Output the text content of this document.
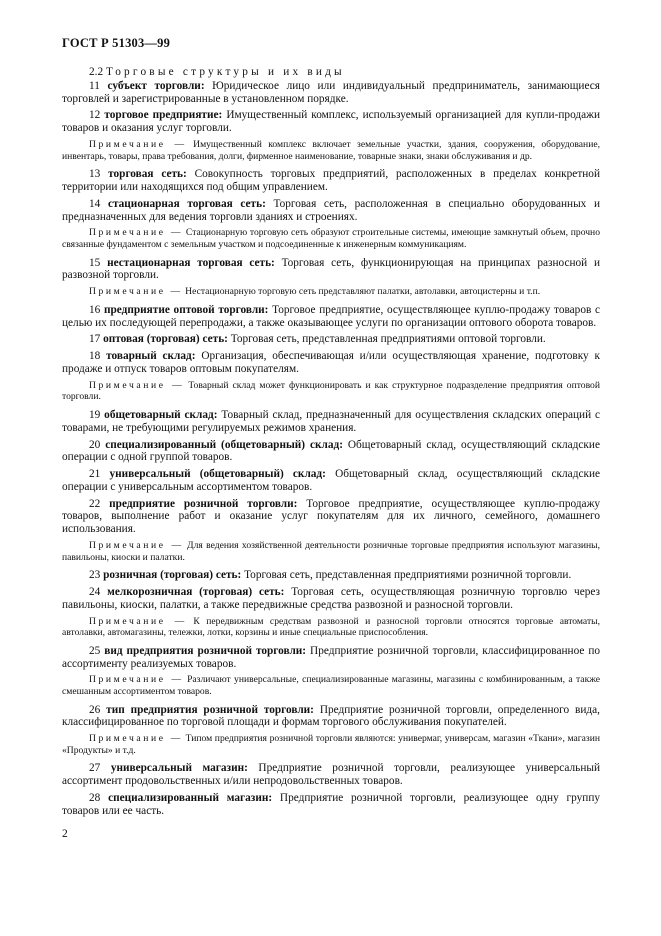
ГОСТ Р 51303—99

2.2 Торговые структуры и их виды

11 субъект торговли: Юридическое лицо или индивидуальный предприниматель, занимающиеся торговлей и зарегистрированные в установленном порядке.

12 торговое предприятие: Имущественный комплекс, используемый организацией для купли-продажи товаров и оказания услуг торговли.

Примечание — Имущественный комплекс включает земельные участки, здания, сооружения, оборудование, инвентарь, товары, права требования, долги, фирменное наименование, товарные знаки, знаки обслуживания и др.

13 торговая сеть: Совокупность торговых предприятий, расположенных в пределах конкретной территории или находящихся под общим управлением.

14 стационарная торговая сеть: Торговая сеть, расположенная в специально оборудованных и предназначенных для ведения торговли зданиях и строениях.

Примечание — Стационарную торговую сеть образуют строительные системы, имеющие замкнутый объем, прочно связанные фундаментом с земельным участком и подсоединенные к инженерным коммуникациям.

15 нестационарная торговая сеть: Торговая сеть, функционирующая на принципах разносной и развозной торговли.

Примечание — Нестационарную торговую сеть представляют палатки, автолавки, автоцистерны и т.п.

16 предприятие оптовой торговли: Торговое предприятие, осуществляющее куплю-продажу товаров с целью их последующей перепродажи, а также оказывающее услуги по организации оптового оборота товаров.

17 оптовая (торговая) сеть: Торговая сеть, представленная предприятиями оптовой торговли.

18 товарный склад: Организация, обеспечивающая и/или осуществляющая хранение, подготовку к продаже и отпуск товаров оптовым покупателям.

Примечание — Товарный склад может функционировать и как структурное подразделение предприятия оптовой торговли.

19 общетоварный склад: Товарный склад, предназначенный для осуществления складских операций с товарами, не требующими регулируемых режимов хранения.

20 специализированный (общетоварный) склад: Общетоварный склад, осуществляющий складские операции с одной группой товаров.

21 универсальный (общетоварный) склад: Общетоварный склад, осуществляющий складские операции с универсальным ассортиментом товаров.

22 предприятие розничной торговли: Торговое предприятие, осуществляющее куплю-продажу товаров, выполнение работ и оказание услуг покупателям для их личного, семейного, домашнего использования.

Примечание — Для ведения хозяйственной деятельности розничные торговые предприятия используют магазины, павильоны, киоски и палатки.

23 розничная (торговая) сеть: Торговая сеть, представленная предприятиями розничной торговли.

24 мелкорозничная (торговая) сеть: Торговая сеть, осуществляющая розничную торговлю через павильоны, киоски, палатки, а также передвижные средства развозной и разносной торговли.

Примечание — К передвижным средствам развозной и разносной торговли относятся торговые автоматы, автолавки, автомагазины, тележки, лотки, корзины и иные специальные приспособления.

25 вид предприятия розничной торговли: Предприятие розничной торговли, классифицированное по ассортименту реализуемых товаров.

Примечание — Различают универсальные, специализированные магазины, магазины с комбинированным, а также смешанным ассортиментом товаров.

26 тип предприятия розничной торговли: Предприятие розничной торговли, определенного вида, классифицированное по торговой площади и формам торгового обслуживания покупателей.

Примечание — Типом предприятия розничной торговли являются: универмаг, универсам, магазин «Ткани», магазин «Продукты» и т.д.

27 универсальный магазин: Предприятие розничной торговли, реализующее универсальный ассортимент продовольственных и/или непродовольственных товаров.

28 специализированный магазин: Предприятие розничной торговли, реализующее одну группу товаров или ее часть.

2
